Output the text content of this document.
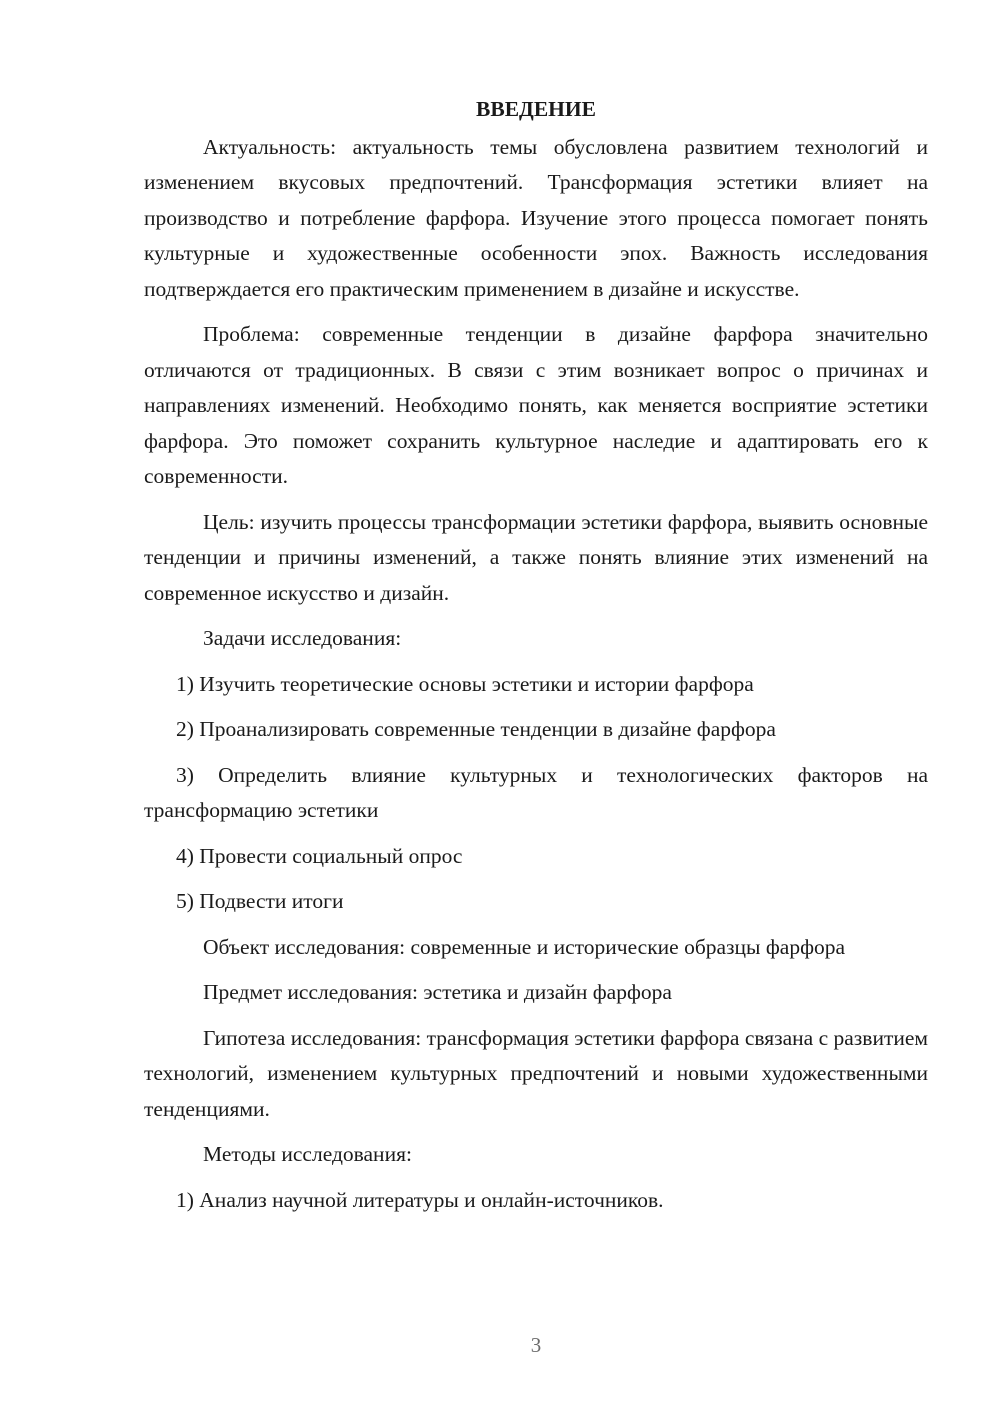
ВВЕДЕНИЕ

Актуальность: актуальность темы обусловлена развитием технологий и изменением вкусовых предпочтений. Трансформация эстетики влияет на производство и потребление фарфора. Изучение этого процесса помогает понять культурные и художественные особенности эпох. Важность исследования подтверждается его практическим применением в дизайне и искусстве.

Проблема: современные тенденции в дизайне фарфора значительно отличаются от традиционных. В связи с этим возникает вопрос о причинах и направлениях изменений. Необходимо понять, как меняется восприятие эстетики фарфора. Это поможет сохранить культурное наследие и адаптировать его к современности.

Цель: изучить процессы трансформации эстетики фарфора, выявить основные тенденции и причины изменений, а также понять влияние этих изменений на современное искусство и дизайн.

Задачи исследования:

1) Изучить теоретические основы эстетики и истории фарфора

2) Проанализировать современные тенденции в дизайне фарфора

3) Определить влияние культурных и технологических факторов на трансформацию эстетики

4) Провести социальный опрос

5) Подвести итоги

Объект исследования: современные и исторические образцы фарфора

Предмет исследования: эстетика и дизайн фарфора

Гипотеза исследования: трансформация эстетики фарфора связана с развитием технологий, изменением культурных предпочтений и новыми художественными тенденциями.

Методы исследования:

1) Анализ научной литературы и онлайн-источников.

3
